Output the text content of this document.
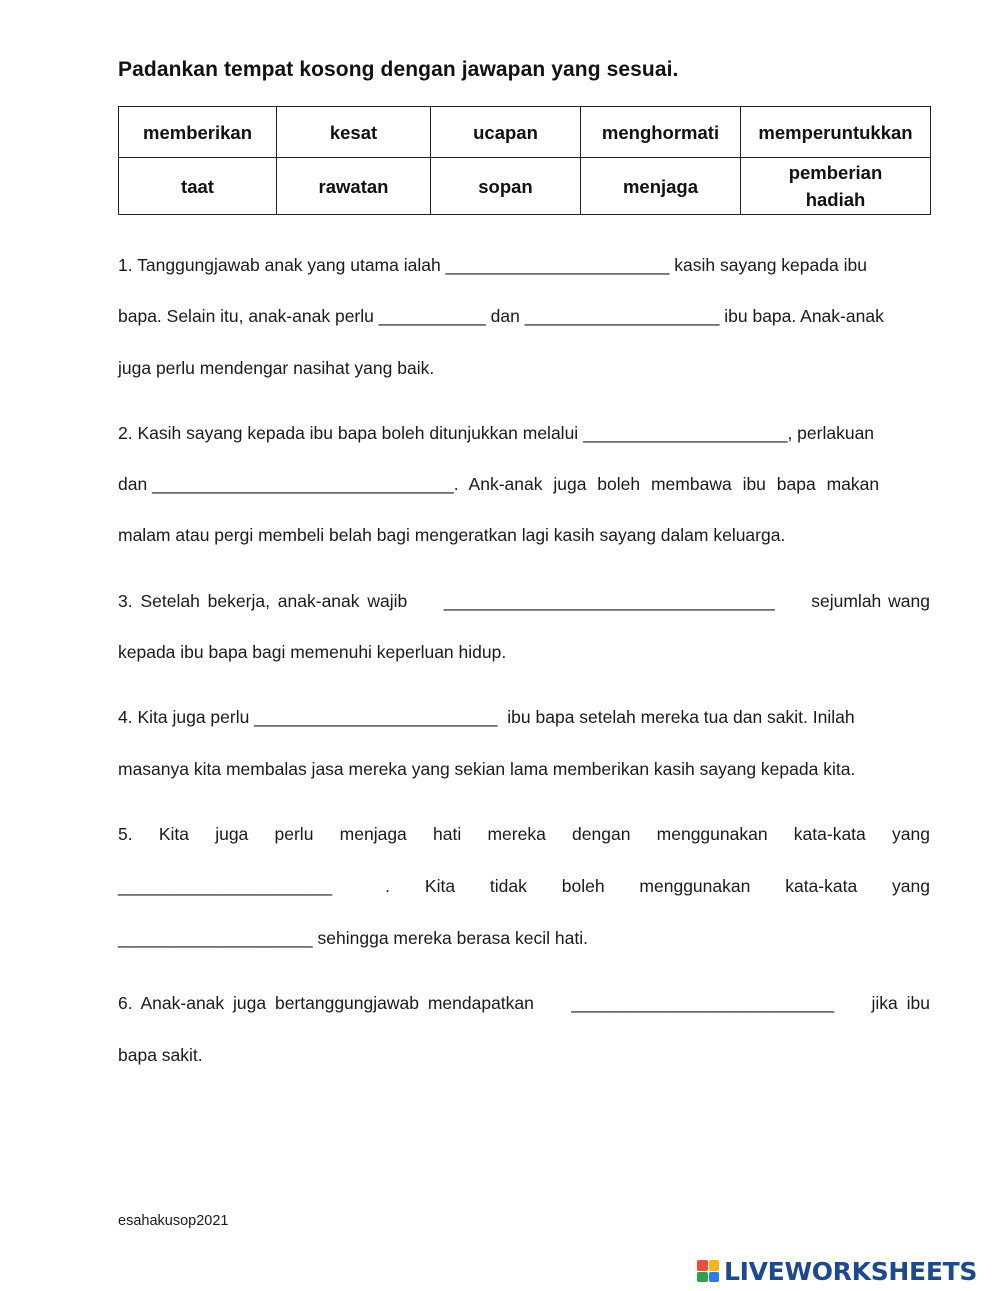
Padankan tempat kosong dengan jawapan yang sesuai.
memberikan	kesat	ucapan	menghormati	memperuntukkan
taat	rawatan	sopan	menjaga	pemberian hadiah
1. Tanggungjawab anak yang utama ialah _______________________ kasih sayang kepada ibu
bapa. Selain itu, anak-anak perlu ___________ dan ____________________ ibu bapa. Anak-anak
juga perlu mendengar nasihat yang baik.
2. Kasih sayang kepada ibu bapa boleh ditunjukkan melalui _____________________, perlakuan
dan _______________________________. Ank-anak juga boleh membawa ibu bapa makan
malam atau pergi membeli belah bagi mengeratkan lagi kasih sayang dalam keluarga.
3. Setelah bekerja, anak-anak wajib __________________________________ sejumlah wang
kepada ibu bapa bagi memenuhi keperluan hidup.
4. Kita juga perlu _________________________ ibu bapa setelah mereka tua dan sakit. Inilah
masanya kita membalas jasa mereka yang sekian lama memberikan kasih sayang kepada kita.
5. Kita juga perlu menjaga hati mereka dengan menggunakan kata-kata yang
______________________	. Kita tidak boleh menggunakan kata-kata yang
____________________ sehingga mereka berasa kecil hati.
6. Anak-anak juga bertanggungjawab mendapatkan ___________________________ jika ibu
bapa sakit.
esahakusop2021
LIVEWORKSHEETS
